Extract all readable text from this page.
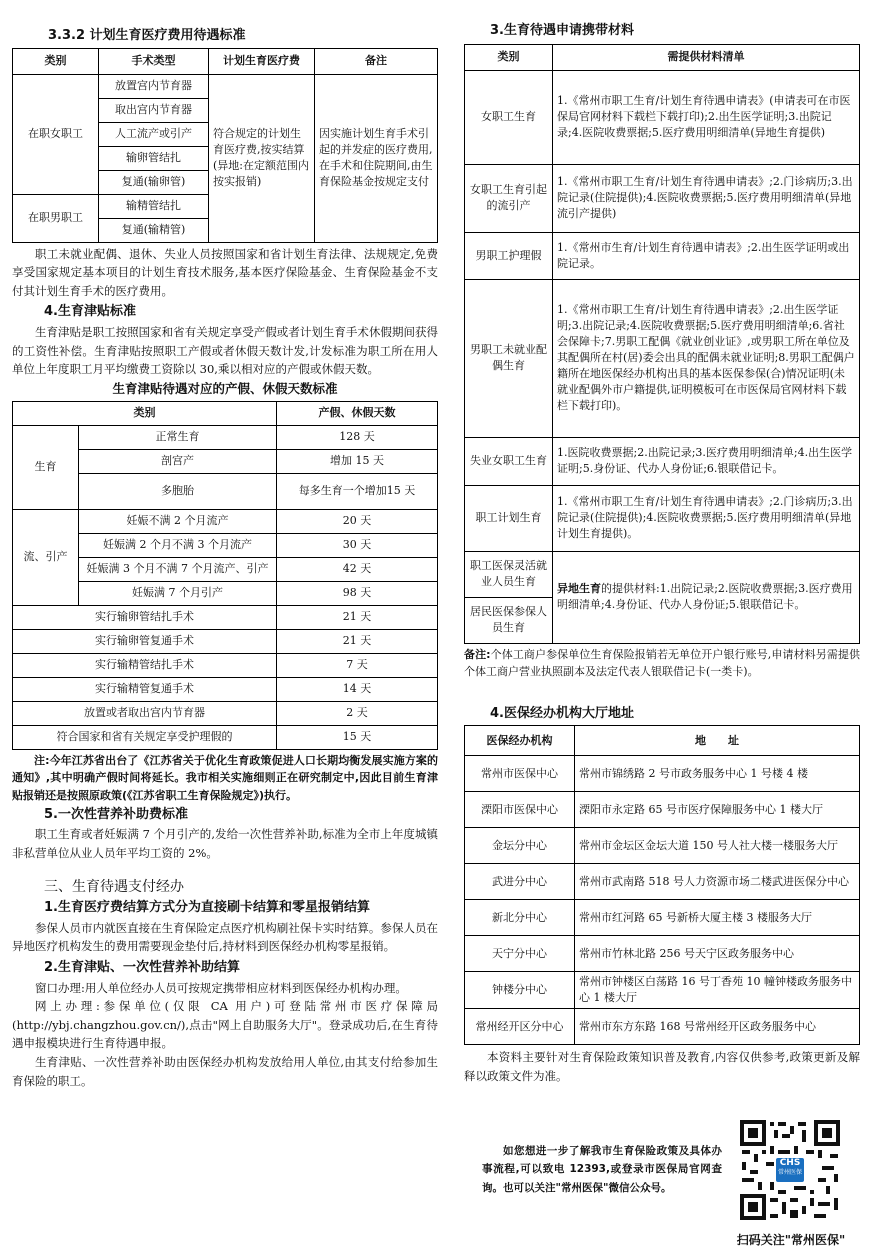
3.3.2 计划生育医疗费用待遇标准
类别	手术类型	计划生育医疗费	备注
在职女职工	放置宫内节育器	符合规定的计划生育医疗费,按实结算(异地:在定额范围内按实报销)	因实施计划生育手术引起的并发症的医疗费用,在手术和住院期间,由生育保险基金按规定支付
	取出宫内节育器		
	人工流产或引产		
	输卵管结扎		
	复通(输卵管)		
在职男职工	输精管结扎		
	复通(输精管)		

职工未就业配偶、退休、失业人员按照国家和省计划生育法律、法规规定,免费享受国家规定基本项目的计划生育技术服务,基本医疗保险基金、生育保险基金不支付其计划生育手术的医疗费用。

4.生育津贴标准

生育津贴是职工按照国家和省有关规定享受产假或者计划生育手术休假期间获得的工资性补偿。生育津贴按照职工产假或者休假天数计发,计发标准为职工所在用人单位上年度职工月平均缴费工资除以 30,乘以相对应的产假或休假天数。

生育津贴待遇对应的产假、休假天数标准
类别		产假、休假天数
生育	正常生育	128 天
	剖宫产	增加 15 天
	多胞胎	每多生育一个增加15 天
流、引产	妊娠不满 2 个月流产	20 天
	妊娠满 2 个月不满 3 个月流产	30 天
	妊娠满 3 个月不满 7 个月流产、引产	42 天
	妊娠满 7 个月引产	98 天
实行输卵管结扎手术		21 天
实行输卵管复通手术		21 天
实行输精管结扎手术		7 天
实行输精管复通手术		14 天
放置或者取出宫内节育器		2 天
符合国家和省有关规定享受护理假的		15 天
注:今年江苏省出台了《江苏省关于优化生育政策促进人口长期均衡发展实施方案的通知》,其中明确产假时间将延长。我市相关实施细则正在研究制定中,因此目前生育津贴报销还是按照原政策(《江苏省职工生育保险规定》)执行。
5.一次性营养补助费标准

职工生育或者妊娠满 7 个月引产的,发给一次性营养补助,标准为全市上年度城镇非私营单位从业人员年平均工资的 2%。

三、生育待遇支付经办
1.生育医疗费结算方式分为直接刷卡结算和零星报销结算

参保人员市内就医直接在生育保险定点医疗机构刷社保卡实时结算。参保人员在异地医疗机构发生的费用需要现金垫付后,持材料到医保经办机构零星报销。

2.生育津贴、一次性营养补助结算

窗口办理:用人单位经办人员可按规定携带相应材料到医保经办机构办理。

网上办理:参保单位(仅限 CA 用户)可登陆常州市医疗保障局(http://ybj.changzhou.gov.cn/),点击"网上自助服务大厅"。登录成功后,在生育待遇申报模块进行生育待遇申报。

生育津贴、一次性营养补助由医保经办机构发放给用人单位,由其支付给参加生育保险的职工。

3.生育待遇申请携带材料
类别	需提供材料清单
女职工生育	1.《常州市职工生育/计划生育待遇申请表》(申请表可在市医保局官网材料下载栏下载打印);2.出生医学证明;3.出院记录;4.医院收费票据;5.医疗费用明细清单(异地生育提供)
女职工生育引起的流引产	1.《常州市职工生育/计划生育待遇申请表》;2.门诊病历;3.出院记录(住院提供);4.医院收费票据;5.医疗费用明细清单(异地流引产提供)
男职工护理假	1.《常州市生育/计划生育待遇申请表》;2.出生医学证明或出院记录。
男职工未就业配偶生育	1.《常州市职工生育/计划生育待遇申请表》;2.出生医学证明;3.出院记录;4.医院收费票据;5.医疗费用明细清单;6.省社会保障卡;7.男职工配偶《就业创业证》,或男职工所在单位及其配偶所在村(居)委会出具的配偶未就业证明;8.男职工配偶户籍所在地医保经办机构出具的基本医保参保(合)情况证明(未就业配偶外市户籍提供,证明模板可在市医保局官网材料下载栏下载打印)。
失业女职工生育	1.医院收费票据;2.出院记录;3.医疗费用明细清单;4.出生医学证明;5.身份证、代办人身份证;6.银联借记卡。
职工计划生育	1.《常州市职工生育/计划生育待遇申请表》;2.门诊病历;3.出院记录(住院提供);4.医院收费票据;5.医疗费用明细清单(异地计划生育提供)。
职工医保灵活就业人员生育	异地生育的提供材料:1.出院记录;2.医院收费票据;3.医疗费用明细清单;4.身份证、代办人身份证;5.银联借记卡。
居民医保参保人员生育	
备注:个体工商户参保单位生育保险报销若无单位开户银行账号,申请材料另需提供个体工商户营业执照副本及法定代表人银联借记卡(一类卡)。
4.医保经办机构大厅地址
医保经办机构	地　　址
常州市医保中心	常州市锦绣路 2 号市政务服务中心 1 号楼 4 楼
溧阳市医保中心	溧阳市永定路 65 号市医疗保障服务中心 1 楼大厅
金坛分中心	常州市金坛区金坛大道 150 号人社大楼一楼服务大厅
武进分中心	常州市武南路 518 号人力资源市场二楼武进医保分中心
新北分中心	常州市红河路 65 号新桥大厦主楼 3 楼服务大厅
天宁分中心	常州市竹林北路 256 号天宁区政务服务中心
钟楼分中心	常州市钟楼区白荡路 16 号丁香苑 10 幢钟楼政务服务中心 1 楼大厅
常州经开区分中心	常州市东方东路 168 号常州经开区政务服务中心

本资料主要针对生育保险政策知识普及教育,内容仅供参考,政策更新及解释以政策文件为准。

如您想进一步了解我市生育保险政策及具体办事流程,可以致电 12393,或登录市医保局官网查询。也可以关注"常州医保"微信公众号。
CHS
常州医保
扫码关注"常州医保"
